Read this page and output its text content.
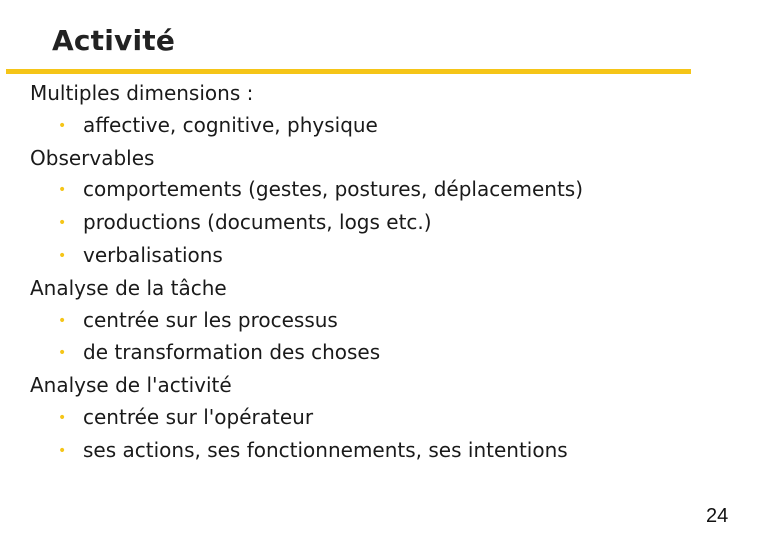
Activité
Multiples dimensions :
• affective, cognitive, physique
Observables
• comportements (gestes, postures, déplacements)
• productions (documents, logs etc.)
• verbalisations
Analyse de la tâche
• centrée sur les processus
• de transformation des choses
Analyse de l'activité
• centrée sur l'opérateur
• ses actions, ses fonctionnements, ses intentions
24
